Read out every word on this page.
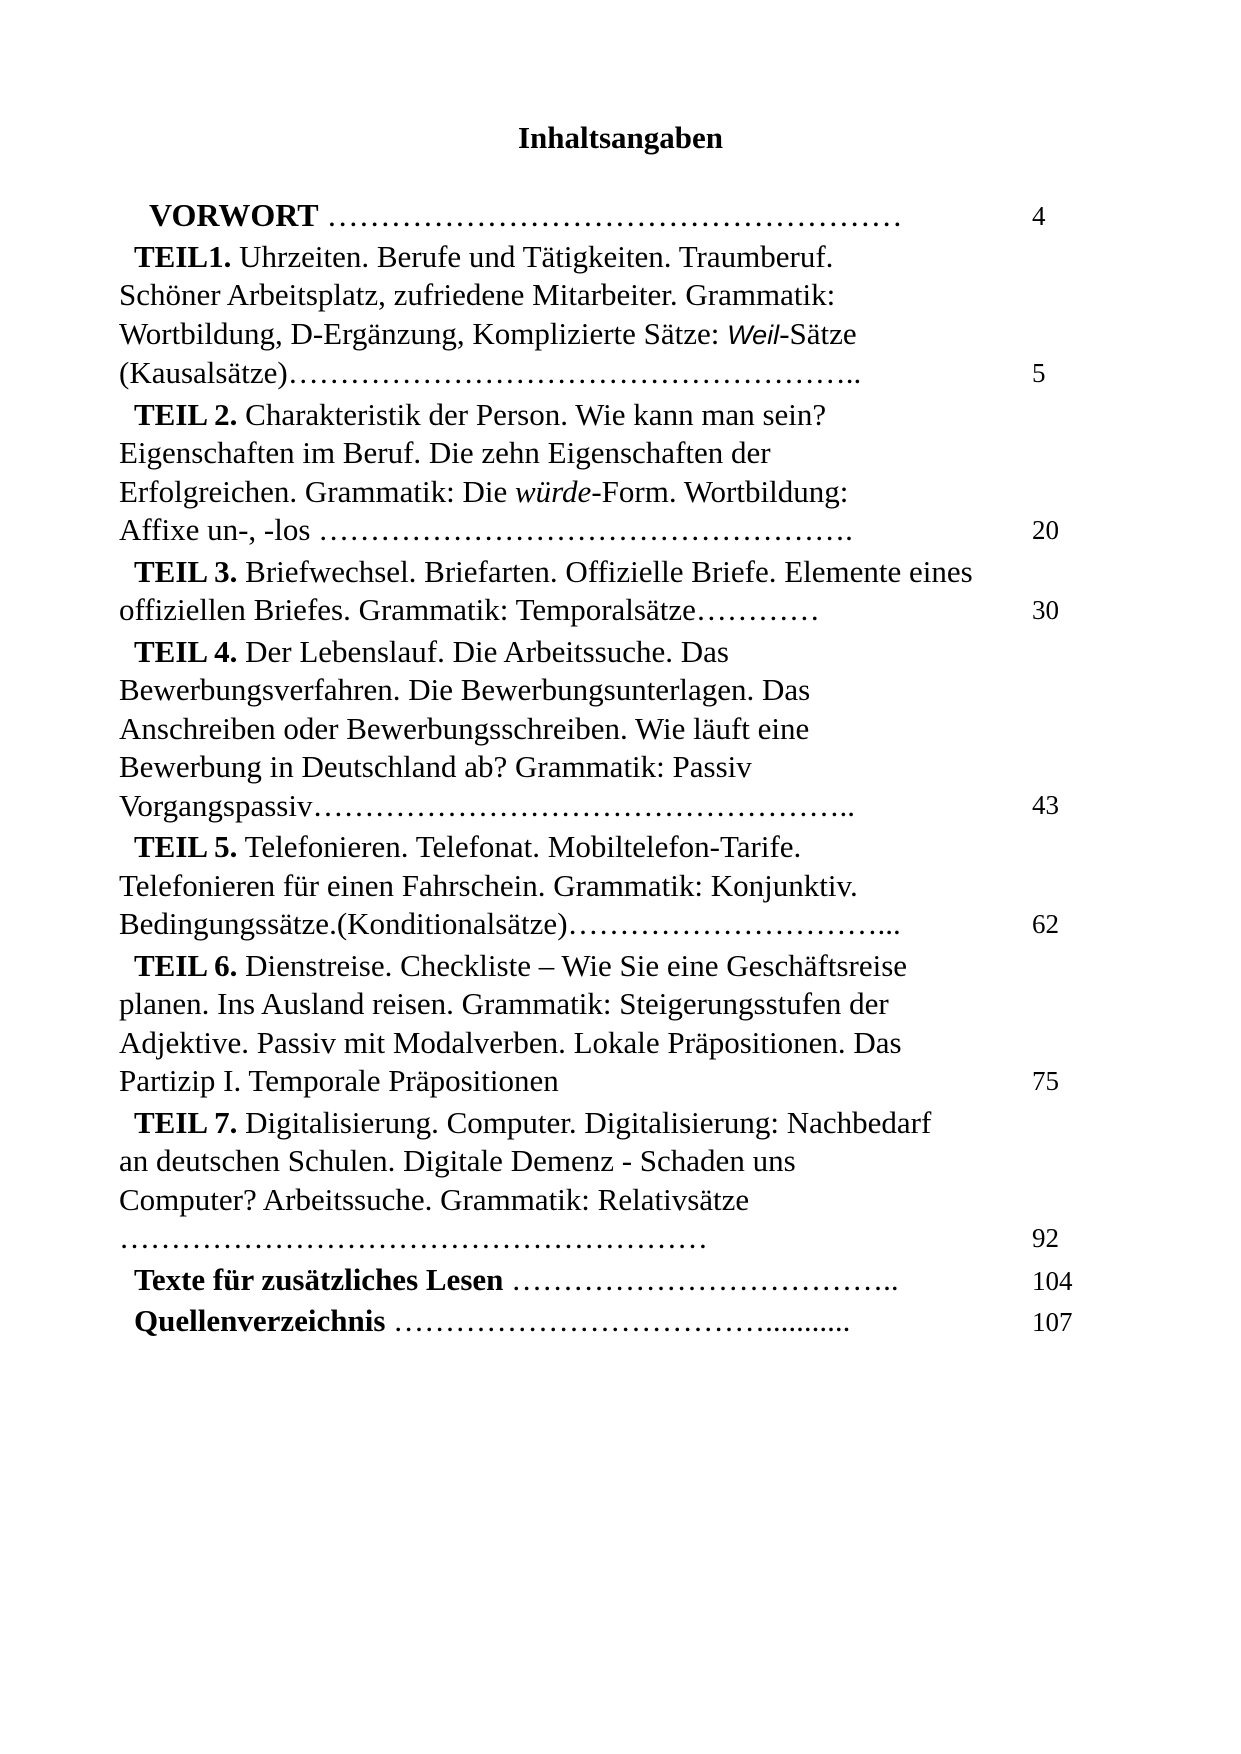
Inhaltsangaben
VORWORT ………………………………………………	4
TEIL1. Uhrzeiten. Berufe und Tätigkeiten. Traumberuf. Schöner Arbeitsplatz, zufriedene Mitarbeiter. Grammatik: Wortbildung, D-Ergänzung, Komplizierte Sätze: Weil-Sätze (Kausalsätze)………………………………………………..	5
TEIL 2. Charakteristik der Person. Wie kann man sein? Eigenschaften im Beruf. Die zehn Eigenschaften der Erfolgreichen. Grammatik: Die würde-Form. Wortbildung: Affixe un-, -los …………………………………………….	20
TEIL 3. Briefwechsel. Briefarten. Offizielle Briefe. Elemente eines offiziellen Briefes. Grammatik: Temporalsätze…………	30
TEIL 4. Der Lebenslauf. Die Arbeitssuche. Das Bewerbungsverfahren. Die Bewerbungsunterlagen. Das Anschreiben oder Bewerbungsschreiben. Wie läuft eine Bewerbung in Deutschland ab? Grammatik: Passiv Vorgangspassiv……………………………………………..	43
TEIL 5. Telefonieren. Telefonat. Mobiltelefon-Tarife. Telefonieren für einen Fahrschein. Grammatik: Konjunktiv. Bedingungssätze.(Konditionalsätze)…………………………...	62
TEIL 6. Dienstreise. Checkliste – Wie Sie eine Geschäftsreise planen. Ins Ausland reisen. Grammatik: Steigerungsstufen der Adjektive. Passiv mit Modalverben. Lokale Präpositionen. Das Partizip I. Temporale Präpositionen	75
TEIL 7. Digitalisierung. Computer. Digitalisierung: Nachbedarf an deutschen Schulen. Digitale Demenz - Schaden uns Computer? Arbeitssuche. Grammatik: Relativsätze …………………………………………………	92
Texte für zusätzliches Lesen ………………………………..	104
Quellenverzeichnis ………………………………...........	107
